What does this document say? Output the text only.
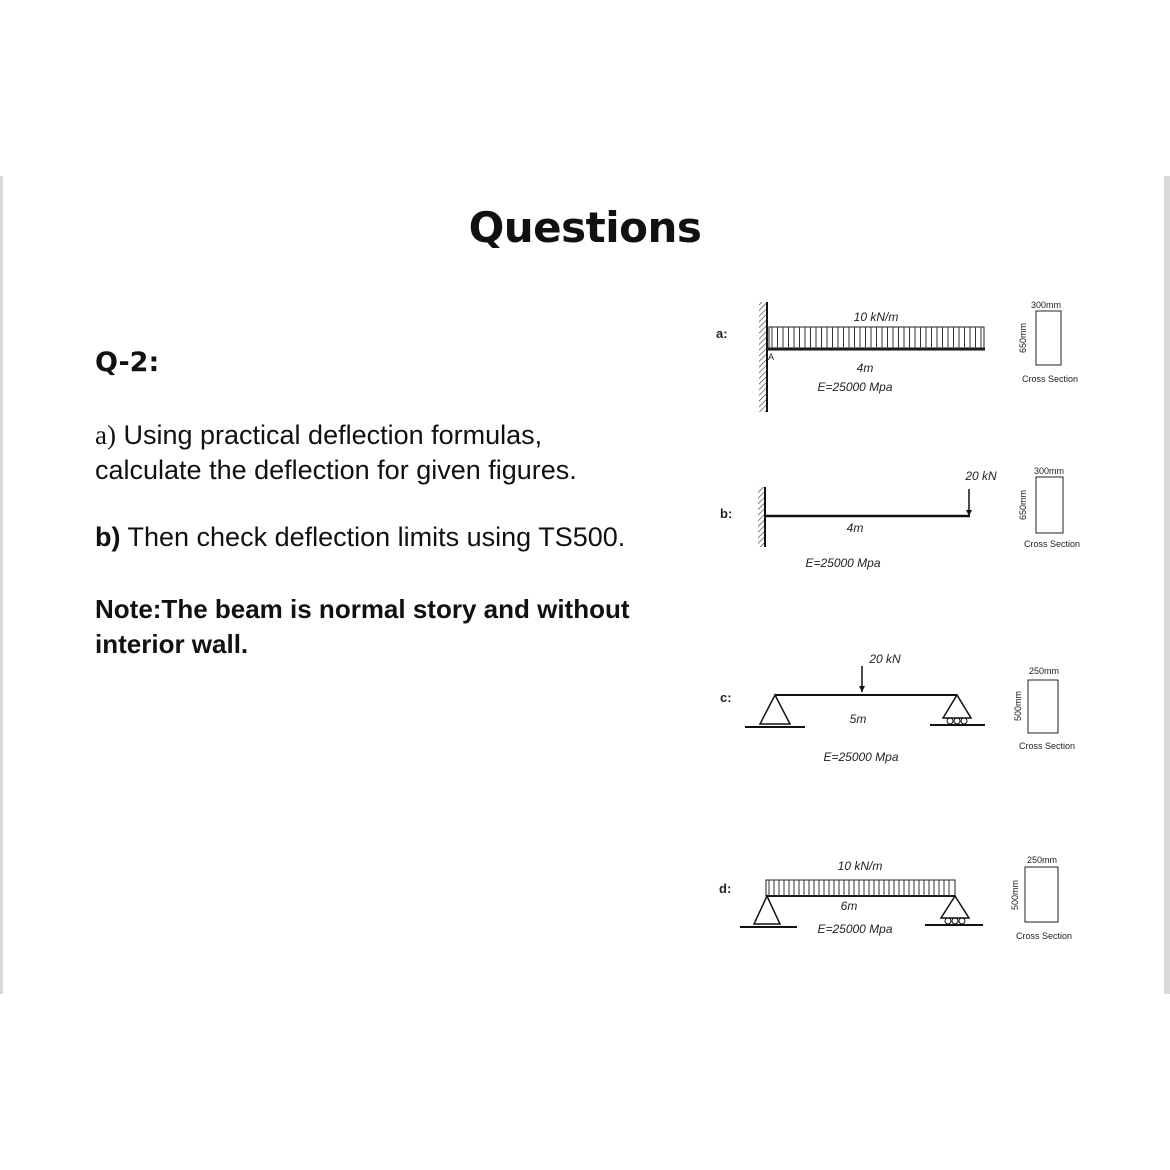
Questions
Q-2:
a) Using practical deflection formulas, calculate the deflection for given figures.
b) Then check deflection limits using TS500.
Note:The beam is normal story and without interior wall.
a:
A
10 kN/m
4m
E=25000 Mpa
300mm
650mm
Cross Section
b:
20 kN
4m
E=25000 Mpa
300mm
650mm
Cross Section
c:
20 kN
5m
E=25000 Mpa
250mm
500mm
Cross Section
d:
10 kN/m
6m
E=25000 Mpa
250mm
500mm
Cross Section
